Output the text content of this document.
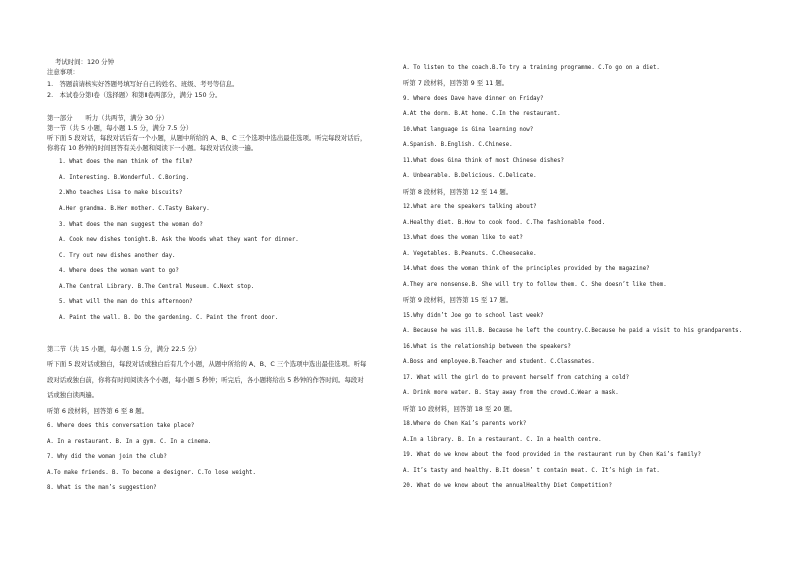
考试时间：120 分钟
注意事项：
1.　答题前请核实好答题号填写好自己的姓名、班级、考号等信息。
2.　本试卷分第Ⅰ卷（选择题）和第Ⅱ卷两部分，满分 150 分。
第一部分　　听力（共两节，满分 30 分）
第一节（共 5 小题，每小题 1.5 分，满分 7.5 分）
听下面 5 段对话，每段对话后有一个小题，从题中所给的 A、B、C 三个选项中选出最佳选项。听完每段对话后，
你将有 10 秒钟的时间回答有关小题和阅读下一小题。每段对话仅读一遍。
1. What does the man think of the film?
A. Interesting. B.Wonderful. C.Boring.
2.Who teaches Lisa to make biscuits?
A.Her grandma. B.Her mother. C.Tasty Bakery.
3. What does the man suggest the woman do?
A. Cook new dishes tonight.B. Ask the Woods what they want for dinner.
C. Try out new dishes another day.
4. Where does the woman want to go?
A.The Central Library. B.The Central Museum. C.Next stop.
5. What will the man do this afternoon?
A. Paint the wall. B. Do the gardening. C. Paint the front door.
第二节（共 15 小题，每小题 1.5 分，满分 22.5 分）
听下面 5 段对话或独白，每段对话或独白后有几个小题，从题中所给的 A、B、C 三个选项中选出最佳选项。听每
段对话或独白前，你将有时间阅读各个小题，每小题 5 秒钟；听完后，各小题将给出 5 秒钟的作答时间。每段对
话或独白读两遍。
听第 6 段材料，回答第 6 至 8 题。
6. Where does this conversation take place?
A. In a restaurant. B. In a gym. C. In a cinema.
7. Why did the woman join the club?
A.To make friends. B. To become a designer. C.To lose weight.
8. What is the man’s suggestion?
A. To listen to the coach.B.To try a training programme. C.To go on a diet.
听第 7 段材料，回答第 9 至 11 题。
9. Where does Dave have dinner on Friday?
A.At the dorm. B.At home. C.In the restaurant.
10.What language is Gina learning now?
A.Spanish. B.English. C.Chinese.
11.What does Gina think of most Chinese dishes?
A. Unbearable. B.Delicious. C.Delicate.
听第 8 段材料，回答第 12 至 14 题。
12.What are the speakers talking about?
A.Healthy diet. B.How to cook food. C.The fashionable food.
13.What does the woman like to eat?
A. Vegetables. B.Peanuts. C.Cheesecake.
14.What does the woman think of the principles provided by the magazine?
A.They are nonsense.B. She will try to follow them. C. She doesn’t like them.
听第 9 段材料，回答第 15 至 17 题。
15.Why didn’t Joe go to school last week?
A. Because he was ill.B. Because he left the country.C.Because he paid a visit to his grandparents.
16.What is the relationship between the speakers?
A.Boss and employee.B.Teacher and student. C.Classmates.
17. What will the girl do to prevent herself from catching a cold?
A. Drink more water. B. Stay away from the crowd.C.Wear a mask.
听第 10 段材料，回答第 18 至 20 题。
18.Where do Chen Kai’s parents work?
A.In a library. B. In a restaurant. C. In a health centre.
19. What do we know about the food provided in the restaurant run by Chen Kai’s family?
A. It’s tasty and healthy. B.It doesn’ t contain meat. C. It’s high in fat.
20. What do we know about the annualHealthy Diet Competition?
